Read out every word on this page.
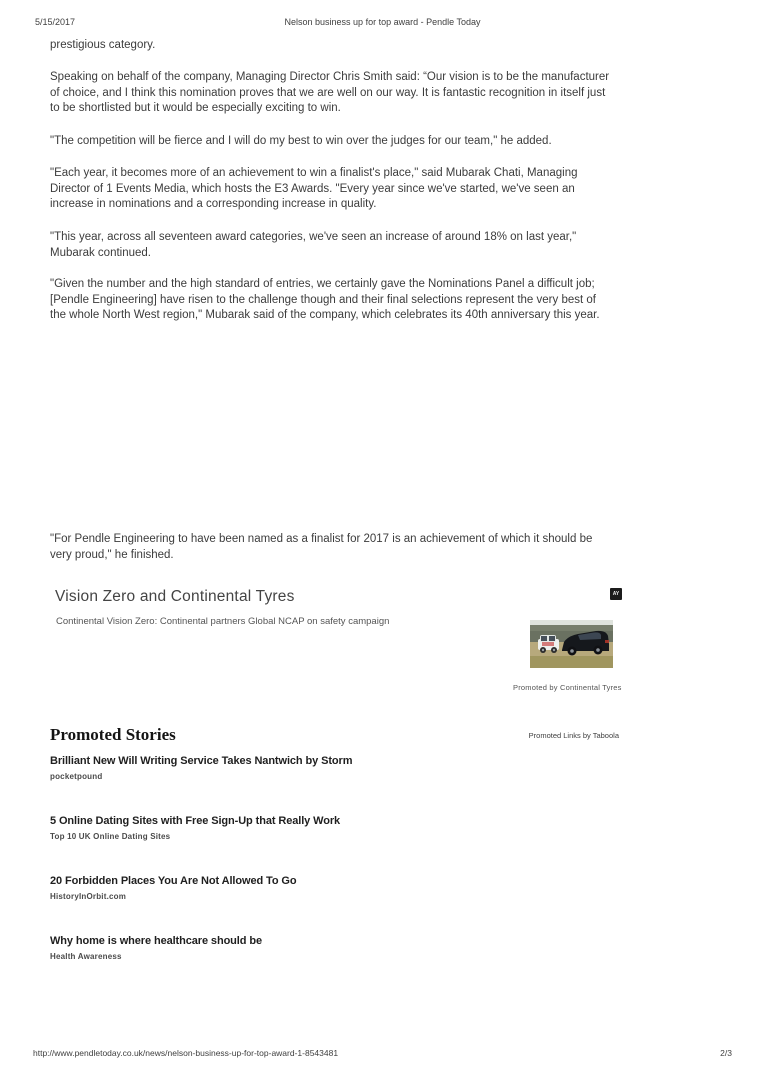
5/15/2017	Nelson business up for top award - Pendle Today

prestigious category.

Speaking on behalf of the company, Managing Director Chris Smith said: “Our vision is to be the manufacturer of choice, and I think this nomination proves that we are well on our way. It is fantastic recognition in itself just to be shortlisted but it would be especially exciting to win.

"The competition will be fierce and I will do my best to win over the judges for our team," he added.

"Each year, it becomes more of an achievement to win a finalist's place," said Mubarak Chati, Managing Director of 1 Events Media, which hosts the E3 Awards. "Every year since we've started, we've seen an increase in nominations and a corresponding increase in quality.

"This year, across all seventeen award categories, we've seen an increase of around 18% on last year," Mubarak continued.

"Given the number and the high standard of entries, we certainly gave the Nominations Panel a difficult job; [Pendle Engineering] have risen to the challenge though and their final selections represent the very best of the whole North West region," Mubarak said of the company, which celebrates its 40th anniversary this year.

"For Pendle Engineering to have been named as a finalist for 2017 is an achievement of which it should be very proud," he finished.

Vision Zero and Continental Tyres	AY

Continental Vision Zero: Continental partners Global NCAP on safety campaign

Promoted by Continental Tyres

Promoted Stories	Promoted Links by Taboola
Brilliant New Will Writing Service Takes Nantwich by Storm
pocketpound
5 Online Dating Sites with Free Sign-Up that Really Work
Top 10 UK Online Dating Sites
20 Forbidden Places You Are Not Allowed To Go
HistoryInOrbit.com
Why home is where healthcare should be
Health Awareness
http://www.pendletoday.co.uk/news/nelson-business-up-for-top-award-1-8543481	2/3
